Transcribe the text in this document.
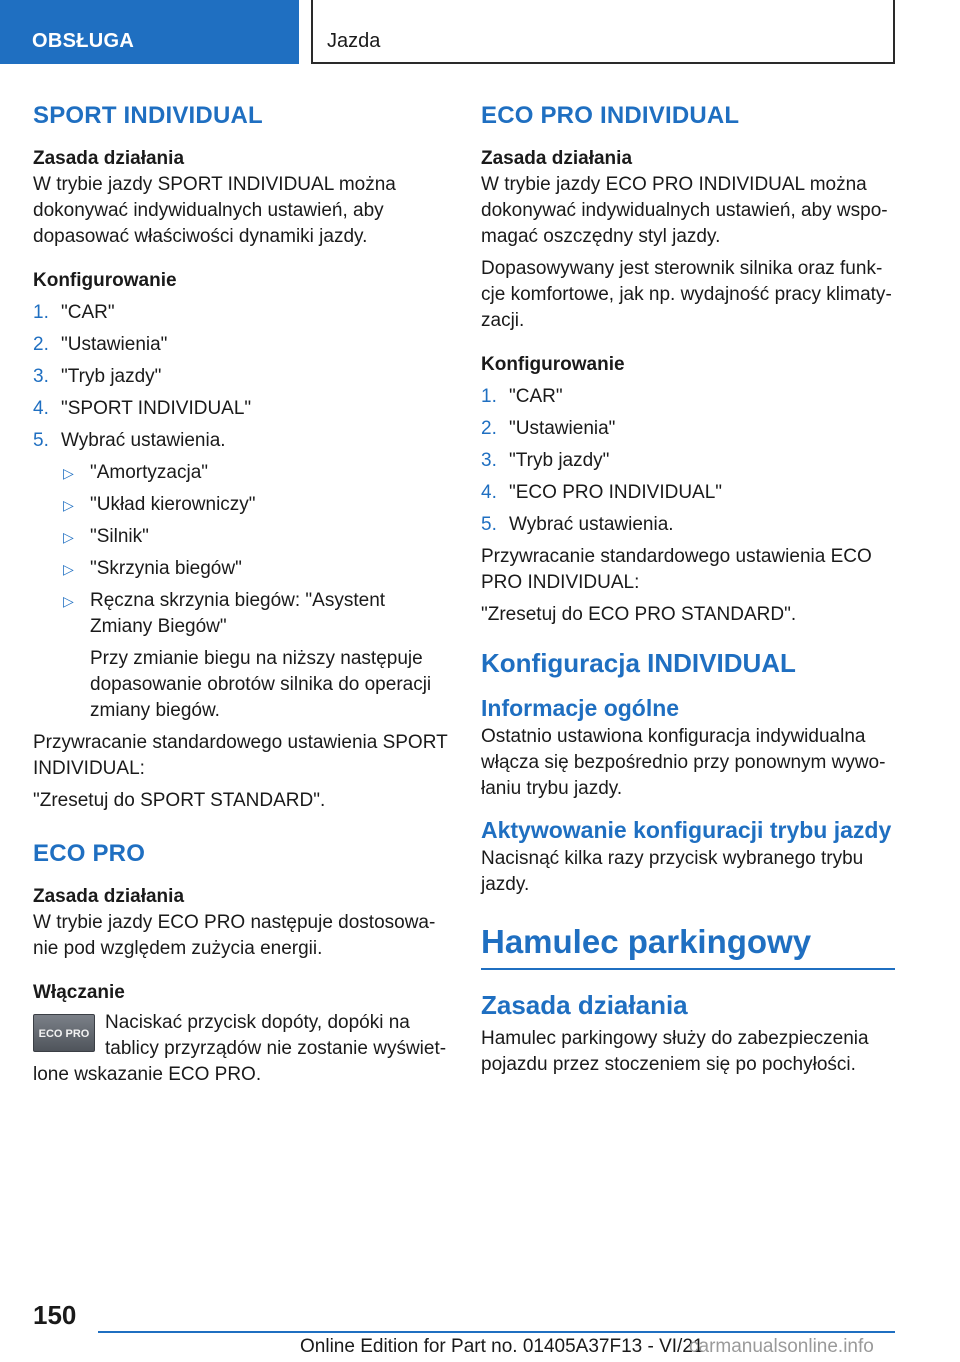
OBSŁUGA	Jazda
SPORT INDIVIDUAL
Zasada działania

W trybie jazdy SPORT INDIVIDUAL można dokonywać indywidualnych ustawień, aby dopasować właściwości dynamiki jazdy.

Konfigurowanie
1. "CAR"
2. "Ustawienia"
3. "Tryb jazdy"
4. "SPORT INDIVIDUAL"
5. Wybrać ustawienia.
▷ "Amortyzacja"
▷ "Układ kierowniczy"
▷ "Silnik"
▷ "Skrzynia biegów"
▷ Ręczna skrzynia biegów: "Asystent Zmiany Biegów"

Przy zmianie biegu na niższy następuje dopasowanie obrotów silnika do operacji zmiany biegów.

Przywracanie standardowego ustawienia SPORT INDIVIDUAL:

"Zresetuj do SPORT STANDARD".

ECO PRO
Zasada działania

W trybie jazdy ECO PRO następuje dostosowanie pod względem zużycia energii.

Włączanie
ECO PRO

Naciskać przycisk dopóty, dopóki na tablicy przyrządów nie zostanie wyświetlone wskazanie ECO PRO.

ECO PRO INDIVIDUAL
Zasada działania

W trybie jazdy ECO PRO INDIVIDUAL można dokonywać indywidualnych ustawień, aby wspomagać oszczędny styl jazdy.

Dopasowywany jest sterownik silnika oraz funkcje komfortowe, jak np. wydajność pracy klimatyzacji.

Konfigurowanie
1. "CAR"
2. "Ustawienia"
3. "Tryb jazdy"
4. "ECO PRO INDIVIDUAL"
5. Wybrać ustawienia.

Przywracanie standardowego ustawienia ECO PRO INDIVIDUAL:

"Zresetuj do ECO PRO STANDARD".

Konfiguracja INDIVIDUAL
Informacje ogólne

Ostatnio ustawiona konfiguracja indywidualna włącza się bezpośrednio przy ponownym wywołaniu trybu jazdy.

Aktywowanie konfiguracji trybu jazdy

Nacisnąć kilka razy przycisk wybranego trybu jazdy.

Hamulec parkingowy
Zasada działania

Hamulec parkingowy służy do zabezpieczenia pojazdu przez stoczeniem się po pochyłości.

150
Online Edition for Part no. 01405A37F13 - VI/21
carmanualsonline.info
